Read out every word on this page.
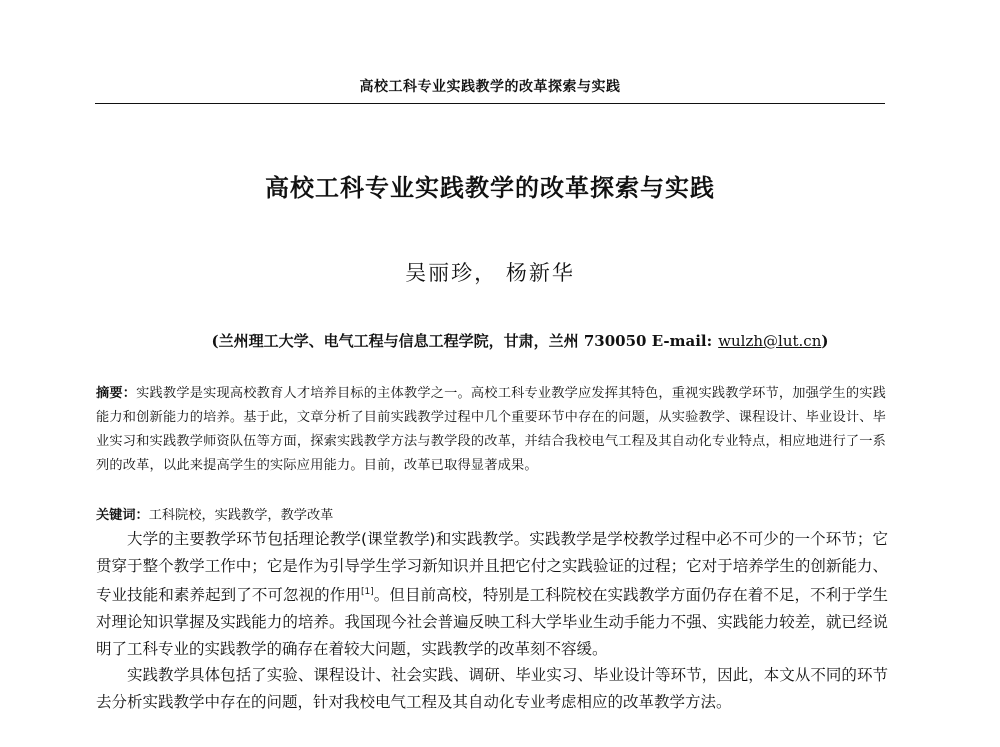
高校工科专业实践教学的改革探索与实践
高校工科专业实践教学的改革探索与实践
吴丽珍， 杨新华
(兰州理工大学、电气工程与信息工程学院，甘肃，兰州 730050 E-mail: wulzh@lut.cn)
摘要：实践教学是实现高校教育人才培养目标的主体教学之一。高校工科专业教学应发挥其特色，重视实践教学环节，加强学生的实践能力和创新能力的培养。基于此，文章分析了目前实践教学过程中几个重要环节中存在的问题，从实验教学、课程设计、毕业设计、毕业实习和实践教学师资队伍等方面，探索实践教学方法与教学段的改革，并结合我校电气工程及其自动化专业特点，相应地进行了一系列的改革，以此来提高学生的实际应用能力。目前，改革已取得显著成果。
关键词：工科院校，实践教学，教学改革

大学的主要教学环节包括理论教学(课堂教学)和实践教学。实践教学是学校教学过程中必不可少的一个环节；它贯穿于整个教学工作中；它是作为引导学生学习新知识并且把它付之实践验证的过程；它对于培养学生的创新能力、专业技能和素养起到了不可忽视的作用[1]。但目前高校，特别是工科院校在实践教学方面仍存在着不足，不利于学生对理论知识掌握及实践能力的培养。我国现今社会普遍反映工科大学毕业生动手能力不强、实践能力较差，就已经说明了工科专业的实践教学的确存在着较大问题，实践教学的改革刻不容缓。

实践教学具体包括了实验、课程设计、社会实践、调研、毕业实习、毕业设计等环节，因此，本文从不同的环节去分析实践教学中存在的问题，针对我校电气工程及其自动化专业考虑相应的改革教学方法。
